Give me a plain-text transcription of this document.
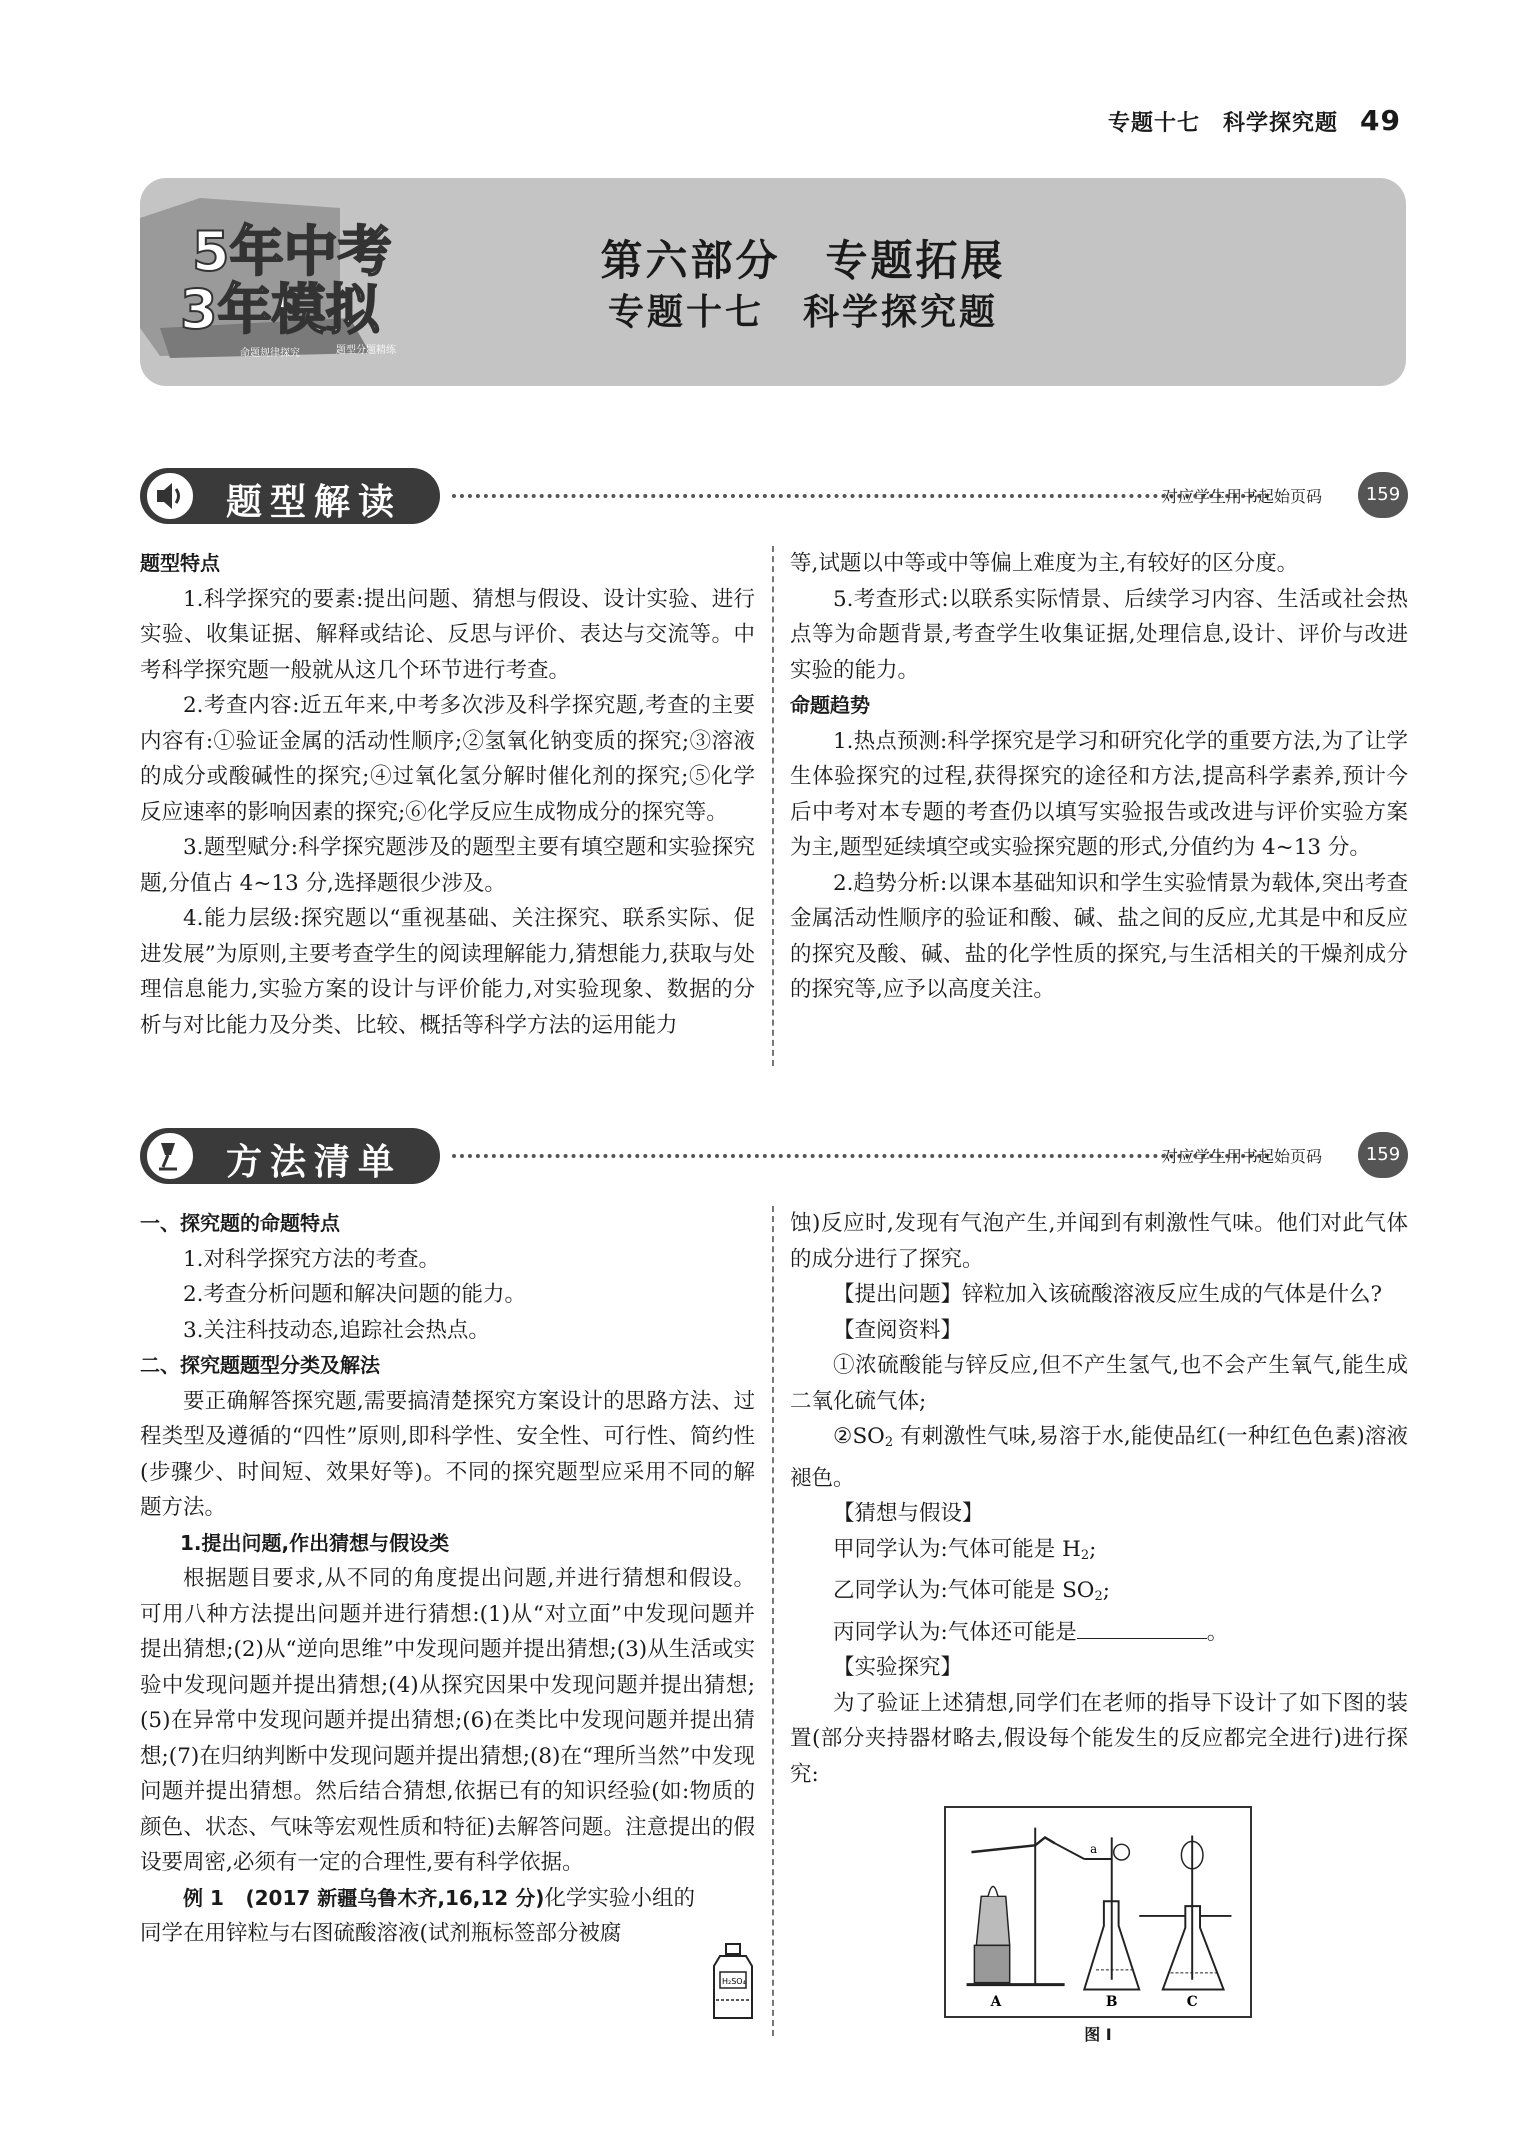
专题十七　科学探究题 49
5年中考
3年模拟
命题规律探究	题型分题精练
第六部分　专题拓展
专题十七　科学探究题
题型解读	对应学生用书起始页码	159

题型特点

1.科学探究的要素:提出问题、猜想与假设、设计实验、进行实验、收集证据、解释或结论、反思与评价、表达与交流等。中考科学探究题一般就从这几个环节进行考查。

2.考查内容:近五年来,中考多次涉及科学探究题,考查的主要内容有:①验证金属的活动性顺序;②氢氧化钠变质的探究;③溶液的成分或酸碱性的探究;④过氧化氢分解时催化剂的探究;⑤化学反应速率的影响因素的探究;⑥化学反应生成物成分的探究等。

3.题型赋分:科学探究题涉及的题型主要有填空题和实验探究题,分值占 4~13 分,选择题很少涉及。

4.能力层级:探究题以“重视基础、关注探究、联系实际、促进发展”为原则,主要考查学生的阅读理解能力,猜想能力,获取与处理信息能力,实验方案的设计与评价能力,对实验现象、数据的分析与对比能力及分类、比较、概括等科学方法的运用能力

等,试题以中等或中等偏上难度为主,有较好的区分度。

5.考查形式:以联系实际情景、后续学习内容、生活或社会热点等为命题背景,考查学生收集证据,处理信息,设计、评价与改进实验的能力。

命题趋势

1.热点预测:科学探究是学习和研究化学的重要方法,为了让学生体验探究的过程,获得探究的途径和方法,提高科学素养,预计今后中考对本专题的考查仍以填写实验报告或改进与评价实验方案为主,题型延续填空或实验探究题的形式,分值约为 4~13 分。

2.趋势分析:以课本基础知识和学生实验情景为载体,突出考查金属活动性顺序的验证和酸、碱、盐之间的反应,尤其是中和反应的探究及酸、碱、盐的化学性质的探究,与生活相关的干燥剂成分的探究等,应予以高度关注。

方法清单	对应学生用书起始页码	159

一、探究题的命题特点

1.对科学探究方法的考查。

2.考查分析问题和解决问题的能力。

3.关注科技动态,追踪社会热点。

二、探究题题型分类及解法

要正确解答探究题,需要搞清楚探究方案设计的思路方法、过程类型及遵循的“四性”原则,即科学性、安全性、可行性、简约性(步骤少、时间短、效果好等)。不同的探究题型应采用不同的解题方法。

1.提出问题,作出猜想与假设类

根据题目要求,从不同的角度提出问题,并进行猜想和假设。可用八种方法提出问题并进行猜想:(1)从“对立面”中发现问题并提出猜想;(2)从“逆向思维”中发现问题并提出猜想;(3)从生活或实验中发现问题并提出猜想;(4)从探究因果中发现问题并提出猜想;(5)在异常中发现问题并提出猜想;(6)在类比中发现问题并提出猜想;(7)在归纳判断中发现问题并提出猜想;(8)在“理所当然”中发现问题并提出猜想。然后结合猜想,依据已有的知识经验(如:物质的颜色、状态、气味等宏观性质和特征)去解答问题。注意提出的假设要周密,必须有一定的合理性,要有科学依据。

例 1　 (2017 新疆乌鲁木齐,16,12 分)化学实验小组的同学在用锌粒与右图硫酸溶液(试剂瓶标签部分被腐

H₂SO₄

蚀)反应时,发现有气泡产生,并闻到有刺激性气味。他们对此气体的成分进行了探究。

【提出问题】锌粒加入该硫酸溶液反应生成的气体是什么?

【查阅资料】

①浓硫酸能与锌反应,但不产生氢气,也不会产生氧气,能生成二氧化硫气体;

$②SO_2$ 有刺激性气味,易溶于水,能使品红(一种红色色素)溶液褪色。

【猜想与假设】

甲同学认为:气体可能是 $H_2$;

乙同学认为:气体可能是 $SO_2$;

丙同学认为:气体还可能是	。

【实验探究】

为了验证上述猜想,同学们在老师的指导下设计了如下图的装置(部分夹持器材略去,假设每个能发生的反应都完全进行)进行探究:

A
a
B	C
图 I
